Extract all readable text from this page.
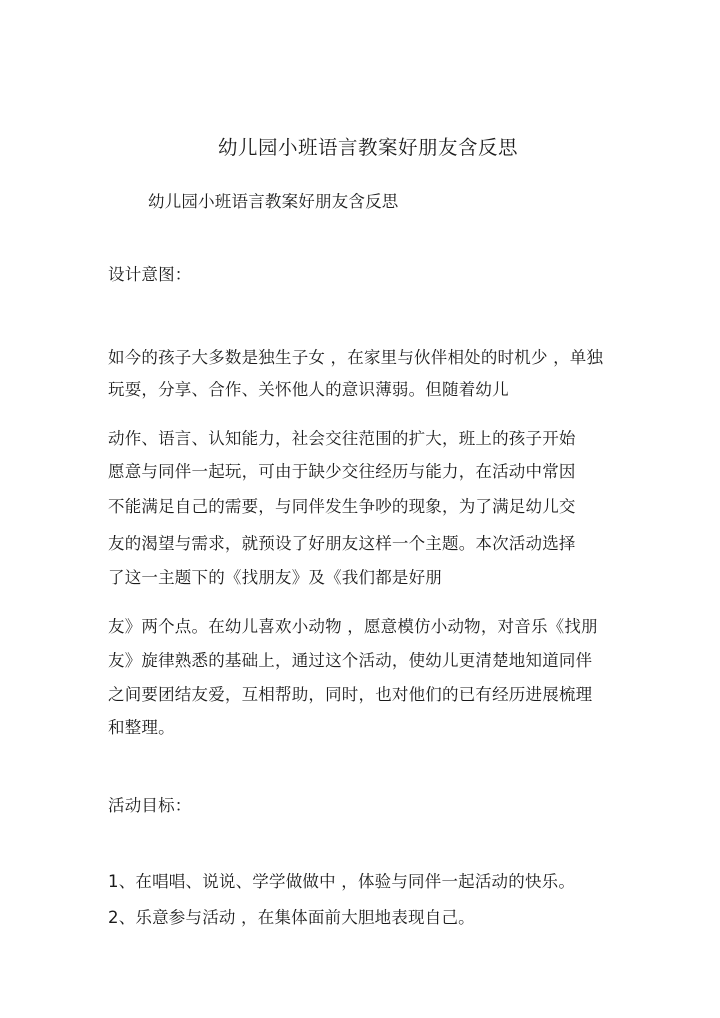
幼儿园小班语言教案好朋友含反思
幼儿园小班语言教案好朋友含反思
设计意图：
如今的孩子大多数是独生子女 ，在家里与伙伴相处的时机少 ，单独
玩耍，分享、合作、关怀他人的意识薄弱。但随着幼儿
动作、语言、认知能力，社会交往范围的扩大，班上的孩子开始
愿意与同伴一起玩，可由于缺少交往经历与能力，在活动中常因
不能满足自己的需要，与同伴发生争吵的现象，为了满足幼儿交
友的渴望与需求，就预设了好朋友这样一个主题。本次活动选择
了这一主题下的《找朋友》及《我们都是好朋
友》两个点。在幼儿喜欢小动物 ，愿意模仿小动物，对音乐《找朋
友》旋律熟悉的基础上，通过这个活动，使幼儿更清楚地知道同伴
之间要团结友爱，互相帮助，同时，也对他们的已有经历进展梳理
和整理。
活动目标：
1、在唱唱、说说、学学做做中 ，体验与同伴一起活动的快乐。
2、乐意参与活动 ，在集体面前大胆地表现自己。
